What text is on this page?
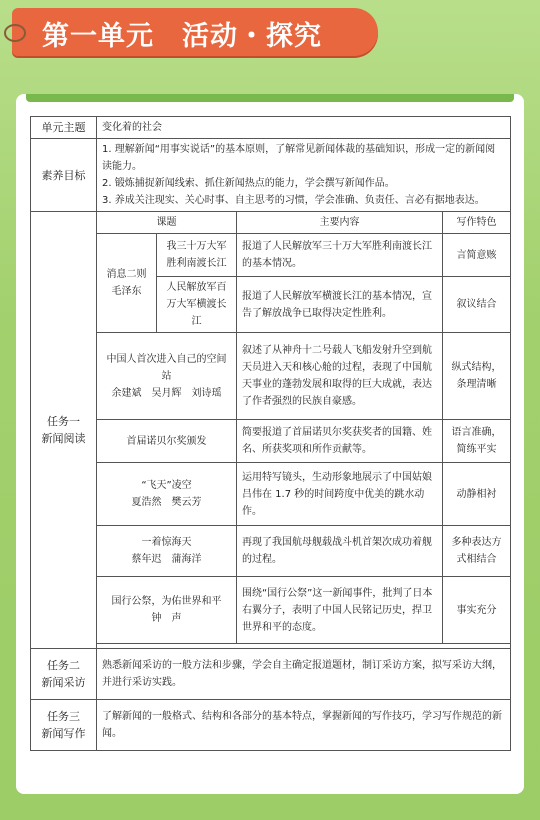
第一单元　活动・探究
单元主题	变化着的社会			
素养目标	1. 理解新闻“用事实说话”的基本原则，了解常见新闻体裁的基础知识，形成一定的新闻阅读能力。
2. 锻炼捕捉新闻线索、抓住新闻热点的能力，学会撰写新闻作品。
3. 养成关注现实、关心时事、自主思考的习惯，学会准确、负责任、言必有据地表达。			

任务一
新闻阅读	课题		主要内容	写作特色

	消息二则
毛泽东	我三十万大军胜利南渡长江	报道了人民解放军三十万大军胜利南渡长江的基本情况。	言简意赅
		人民解放军百万大军横渡长江	报道了人民解放军横渡长江的基本情况，宣告了解放战争已取得决定性胜利。	叙议结合

	中国人首次进入自己的空间站
余建斌　吴月辉　刘诗瑶		叙述了从神舟十二号载人飞船发射升空到航天员进入天和核心舱的过程，表现了中国航天事业的蓬勃发展和取得的巨大成就，表达了作者强烈的民族自豪感。	纵式结构，条理清晰
	首届诺贝尔奖颁发		简要报道了首届诺贝尔奖获奖者的国籍、姓名、所获奖项和所作贡献等。	语言准确，简练平实

	“飞天”凌空
夏浩然　樊云芳		运用特写镜头，生动形象地展示了中国姑娘吕伟在 1.7 秒的时间跨度中优美的跳水动作。	动静相衬

	一着惊海天
蔡年迟　蒲海洋		再现了我国航母舰载战斗机首架次成功着舰的过程。	多种表达方式相结合

	国行公祭，为佑世界和平
钟　声		围绕“国行公祭”这一新闻事件，批判了日本右翼分子，表明了中国人民铭记历史，捍卫世界和平的态度。	事实充分

任务二
新闻采访	熟悉新闻采访的一般方法和步骤，学会自主确定报道题材，制订采访方案，拟写采访大纲，并进行采访实践。			

任务三
新闻写作	了解新闻的一般格式、结构和各部分的基本特点，掌握新闻的写作技巧，学习写作规范的新闻。			
